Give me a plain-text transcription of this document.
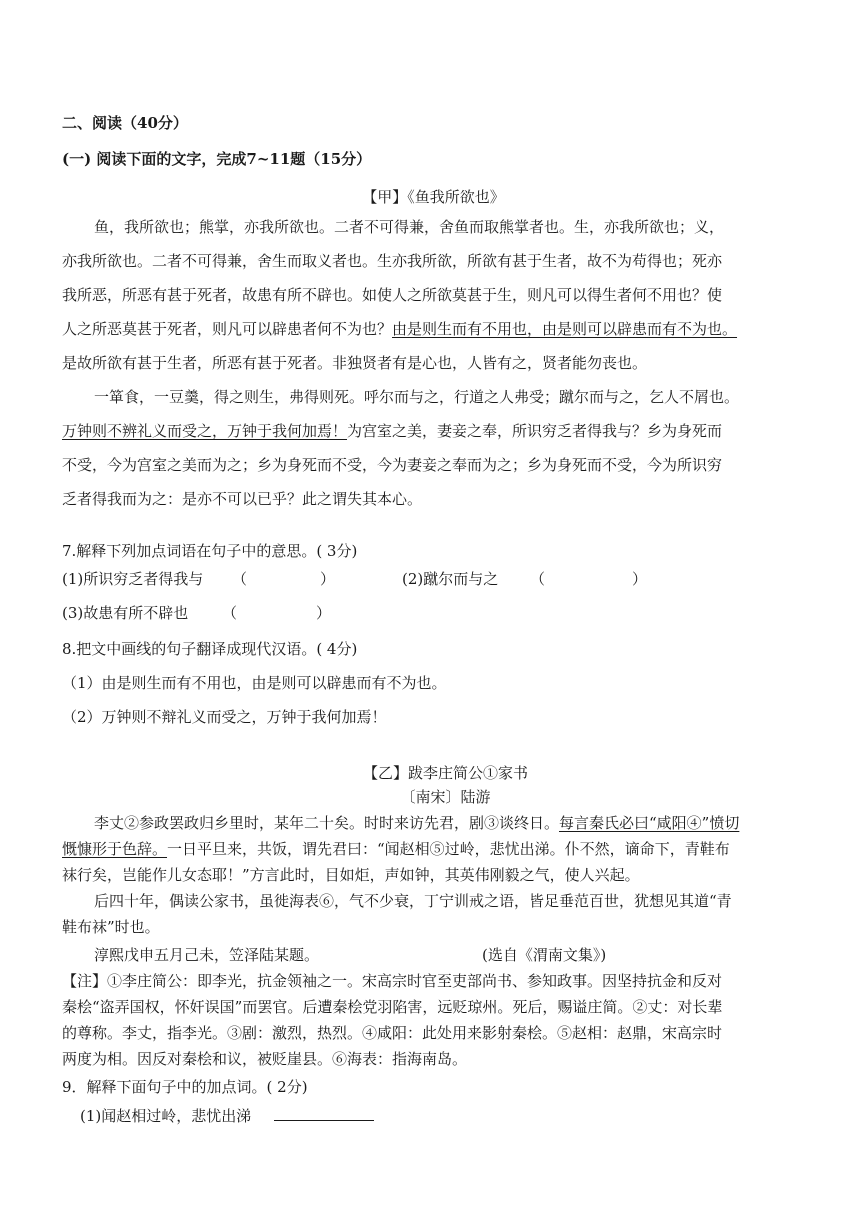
二、阅读（40分）
(一) 阅读下面的文字，完成7~11题（15分）
【甲】《鱼我所欲也》
鱼，我所欲也；熊掌，亦我所欲也。二者不可得兼，舍鱼而取熊掌者也。生，亦我所欲也；义，
亦我所欲也。二者不可得兼，舍生而取义者也。生亦我所欲，所欲有甚于生者，故不为苟得也；死亦
我所恶，所恶有甚于死者，故患有所不辟也。如使人之所欲莫甚于生，则凡可以得生者何不用也？使
人之所恶莫甚于死者，则凡可以辟患者何不为也？由是则生而有不用也，由是则可以辟患而有不为也。
是故所欲有甚于生者，所恶有甚于死者。非独贤者有是心也，人皆有之，贤者能勿丧也。
一箪食，一豆羹，得之则生，弗得则死。呼尔而与之，行道之人弗受；蹴尔而与之，乞人不屑也。
万钟则不辨礼义而受之，万钟于我何加焉！为宫室之美，妻妾之奉，所识穷乏者得我与？乡为身死而
不受，今为宫室之美而为之；乡为身死而不受，今为妻妾之奉而为之；乡为身死而不受，今为所识穷
乏者得我而为之：是亦不可以已乎？此之谓失其本心。
7.解释下列加点词语在句子中的意思。( 3分)
(1)所识穷乏者得我与 （	）	(2)蹴尔而与之 （	）
(3)故患有所不辟也 （	）
8.把文中画线的句子翻译成现代汉语。( 4分)
（1）由是则生而有不用也，由是则可以辟患而有不为也。
（2）万钟则不辩礼义而受之，万钟于我何加焉！
【乙】跋李庄简公①家书
〔南宋〕陆游
李丈②参政罢政归乡里时，某年二十矣。时时来访先君，剧③谈终日。每言秦氏必曰“咸阳④”愤切
慨慷形于色辞。一日平旦来，共饭，谓先君曰：“闻赵相⑤过岭，悲忧出涕。仆不然，谪命下，青鞋布
袜行矣，岂能作儿女态耶！”方言此时，目如炬，声如钟，其英伟刚毅之气，使人兴起。
后四十年，偶读公家书，虽徙海表⑥，气不少衰，丁宁训戒之语，皆足垂范百世，犹想见其道“青
鞋布袜”时也。
淳熙戊申五月己未，笠泽陆某题。	(选自《渭南文集》)
【注】①李庄简公：即李光，抗金领袖之一。宋高宗时官至吏部尚书、参知政事。因坚持抗金和反对
秦桧“盗弄国权，怀奸误国”而罢官。后遭秦桧党羽陷害，远贬琼州。死后，赐谥庄简。②丈：对长辈
的尊称。李丈，指李光。③剧：激烈，热烈。④咸阳：此处用来影射秦桧。⑤赵相：赵鼎，宋高宗时
两度为相。因反对秦桧和议，被贬崖县。⑥海表：指海南岛。
9．解释下面句子中的加点词。( 2分)
(1)闻赵相过岭，悲忧出涕
